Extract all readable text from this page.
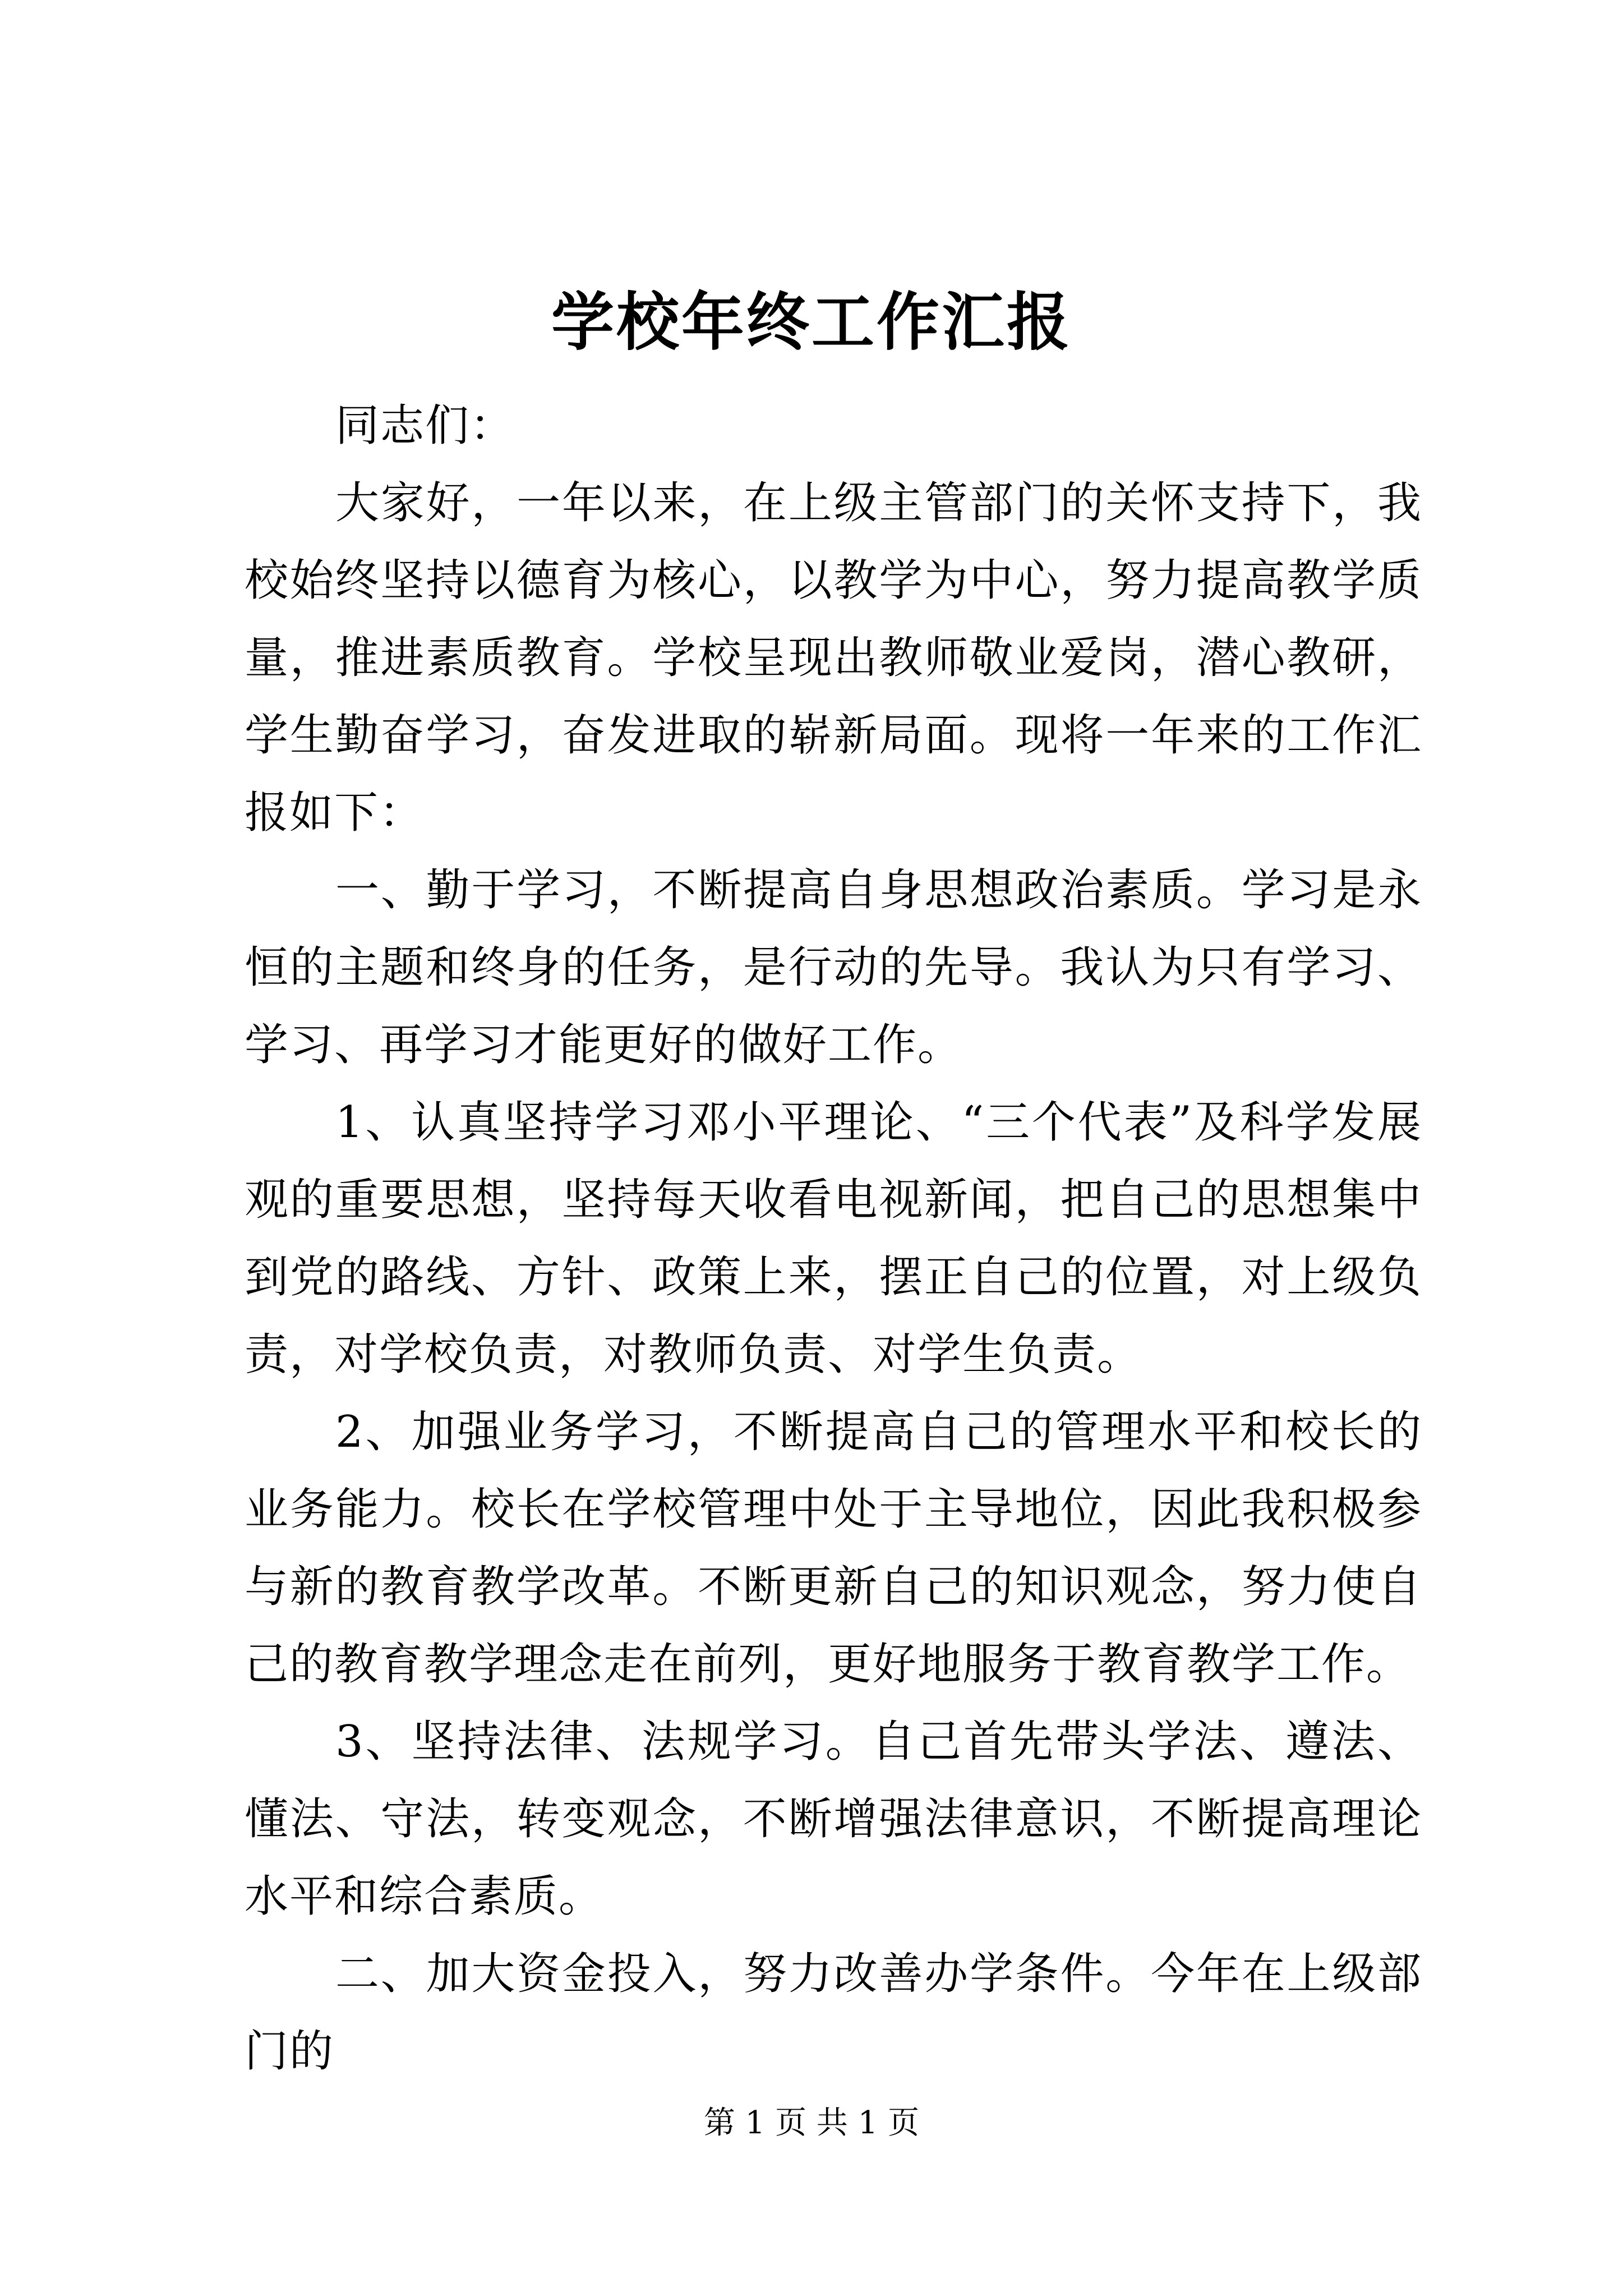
学校年终工作汇报

同志们：

大家好，一年以来，在上级主管部门的关怀支持下，我校始终坚持以德育为核心，以教学为中心，努力提高教学质量，推进素质教育。学校呈现出教师敬业爱岗，潜心教研，学生勤奋学习，奋发进取的崭新局面。现将一年来的工作汇报如下：

一、勤于学习，不断提高自身思想政治素质。学习是永恒的主题和终身的任务，是行动的先导。我认为只有学习、学习、再学习才能更好的做好工作。

1、认真坚持学习邓小平理论、“三个代表”及科学发展观的重要思想，坚持每天收看电视新闻，把自己的思想集中到党的路线、方针、政策上来，摆正自己的位置，对上级负责，对学校负责，对教师负责、对学生负责。

2、加强业务学习，不断提高自己的管理水平和校长的业务能力。校长在学校管理中处于主导地位，因此我积极参与新的教育教学改革。不断更新自己的知识观念，努力使自己的教育教学理念走在前列，更好地服务于教育教学工作。

3、坚持法律、法规学习。自己首先带头学法、遵法、懂法、守法，转变观念，不断增强法律意识，不断提高理论水平和综合素质。

二、加大资金投入，努力改善办学条件。今年在上级部门的

第 1 页 共 1 页
